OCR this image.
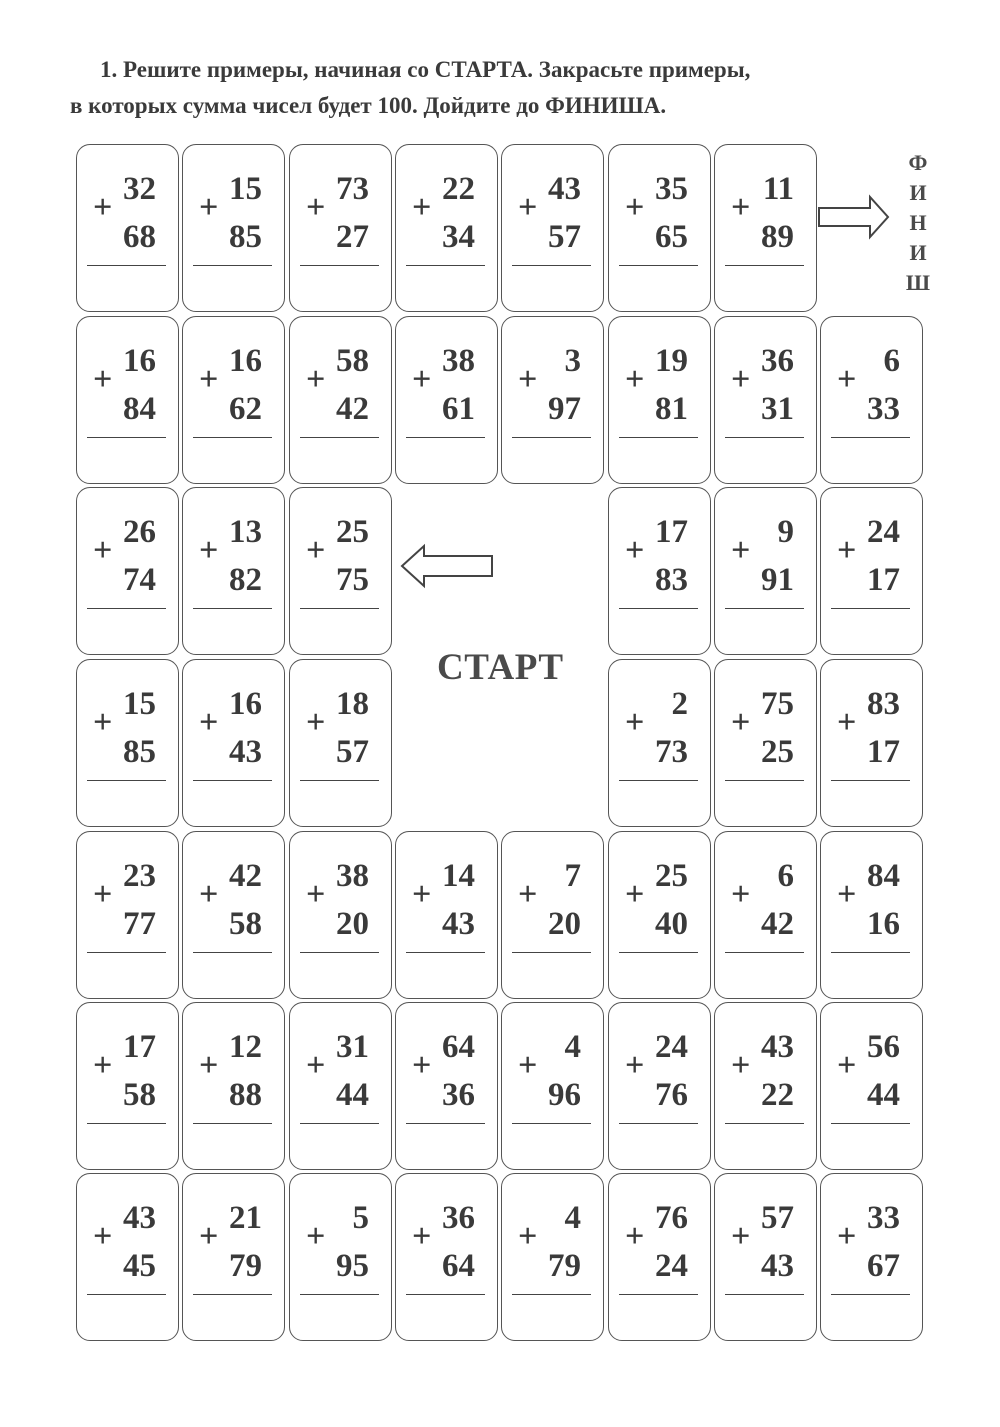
1. Решите примеры, начиная со СТАРТА. Закрасьте примеры,
в которых сумма чисел будет 100. Дойдите до ФИНИША.
+ 32
68
+ 15
85
+ 73
27
+ 22
34
+ 43
57
+ 35
65
+ 11
89
+ 16
84
+ 16
62
+ 58
42
+ 38
61
+ 3
97
+ 19
81
+ 36
31
+ 6
33
+ 26
74
+ 13
82
+ 25
75
+ 17
83
+ 9
91
+ 24
17
+ 15
85
+ 16
43
+ 18
57
+ 2
73
+ 75
25
+ 83
17
+ 23
77
+ 42
58
+ 38
20
+ 14
43
+ 7
20
+ 25
40
+ 6
42
+ 84
16
+ 17
58
+ 12
88
+ 31
44
+ 64
36
+ 4
96
+ 24
76
+ 43
22
+ 56
44
+ 43
45
+ 21
79
+ 5
95
+ 36
64
+ 4
79
+ 76
24
+ 57
43
+ 33
67
СТАРТ
Ф
И
Н
И
Ш
